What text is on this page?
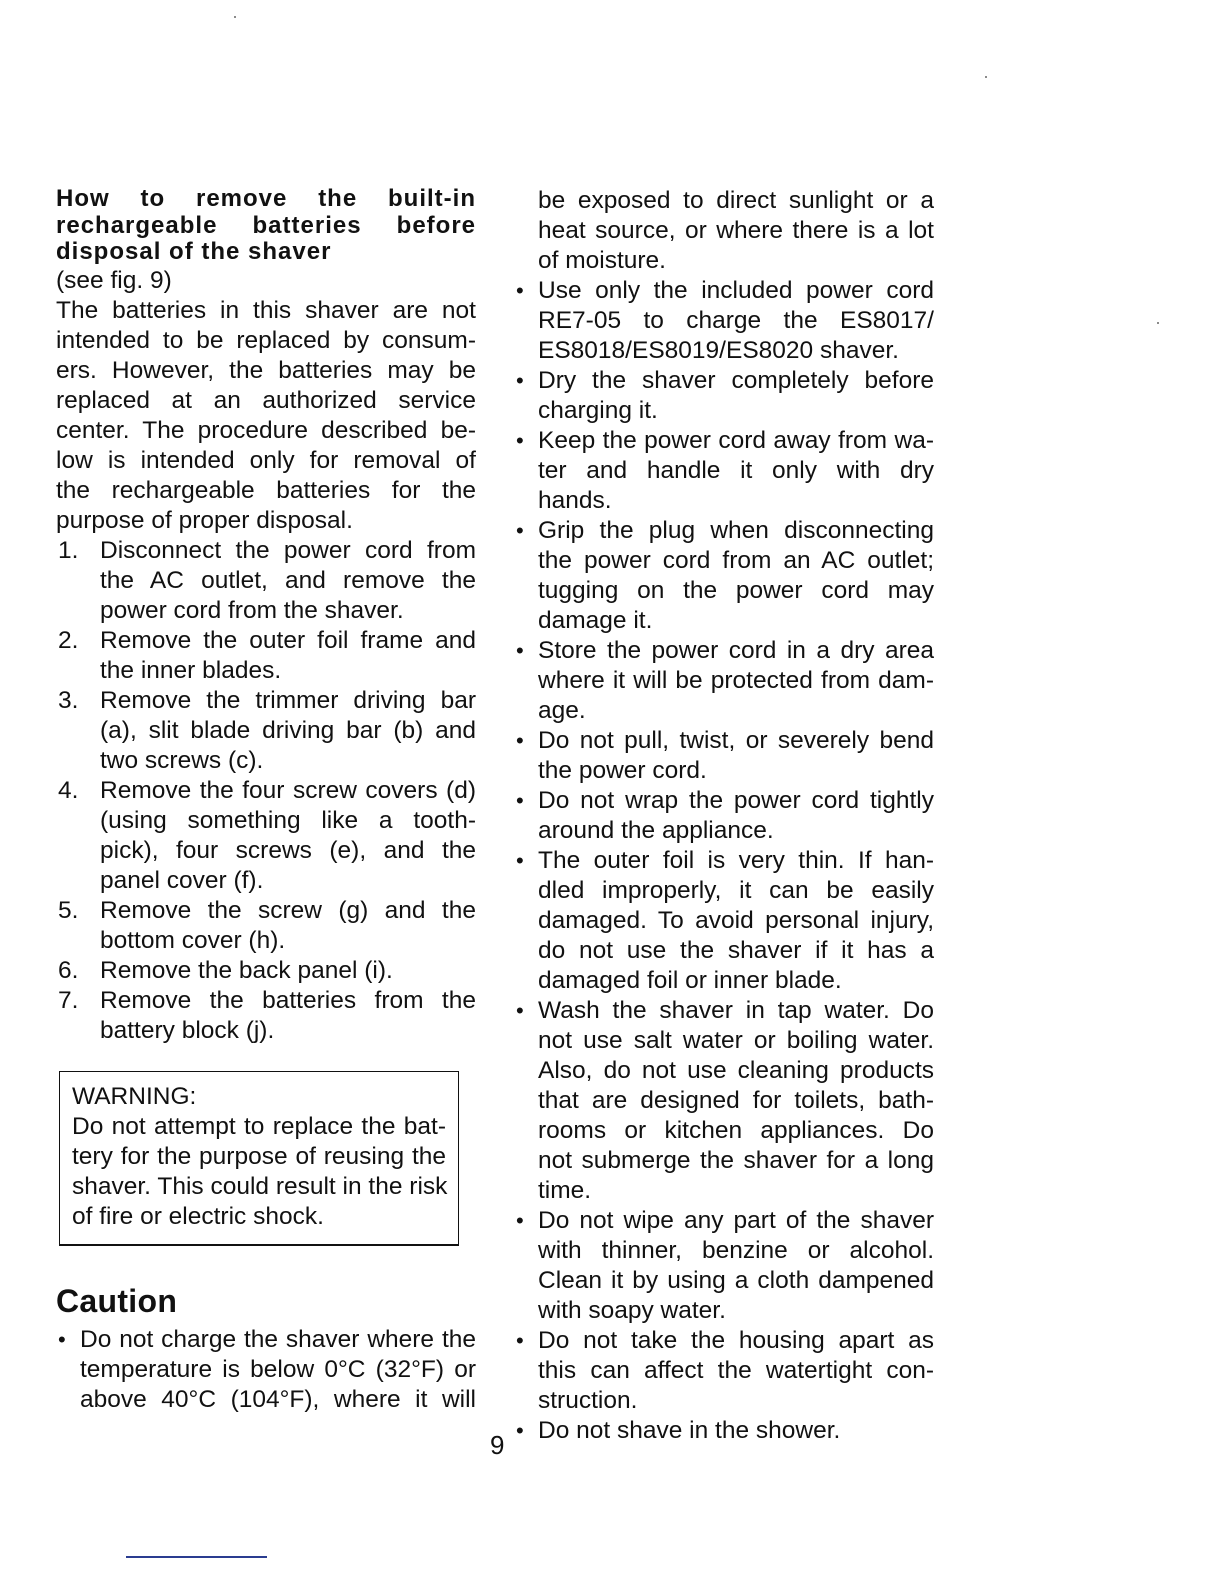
How to remove the built-in
rechargeable batteries before
disposal of the shaver
(see fig. 9)
The batteries in this shaver are not
intended to be replaced by consum-
ers. However, the batteries may be
replaced at an authorized service
center. The procedure described be-
low is intended only for removal of
the rechargeable batteries for the
purpose of proper disposal.
1. Disconnect the power cord from
the AC outlet, and remove the
power cord from the shaver.
2. Remove the outer foil frame and
the inner blades.
3. Remove the trimmer driving bar
(a), slit blade driving bar (b) and
two screws (c).
4. Remove the four screw covers (d)
(using something like a tooth-
pick), four screws (e), and the
panel cover (f).
5. Remove the screw (g) and the
bottom cover (h).
6. Remove the back panel (i).
7. Remove the batteries from the
battery block (j).
WARNING:
Do not attempt to replace the bat-
tery for the purpose of reusing the
shaver. This could result in the risk
of fire or electric shock.
Caution
• Do not charge the shaver where the
temperature is below 0°C (32°F) or
above 40°C (104°F), where it will
be exposed to direct sunlight or a
heat source, or where there is a lot
of moisture.
• Use only the included power cord
RE7-05 to charge the ES8017/
ES8018/ES8019/ES8020 shaver.
• Dry the shaver completely before
charging it.
• Keep the power cord away from wa-
ter and handle it only with dry
hands.
• Grip the plug when disconnecting
the power cord from an AC outlet;
tugging on the power cord may
damage it.
• Store the power cord in a dry area
where it will be protected from dam-
age.
• Do not pull, twist, or severely bend
the power cord.
• Do not wrap the power cord tightly
around the appliance.
• The outer foil is very thin. If han-
dled improperly, it can be easily
damaged. To avoid personal injury,
do not use the shaver if it has a
damaged foil or inner blade.
• Wash the shaver in tap water. Do
not use salt water or boiling water.
Also, do not use cleaning products
that are designed for toilets, bath-
rooms or kitchen appliances. Do
not submerge the shaver for a long
time.
• Do not wipe any part of the shaver
with thinner, benzine or alcohol.
Clean it by using a cloth dampened
with soapy water.
• Do not take the housing apart as
this can affect the watertight con-
struction.
• Do not shave in the shower.
9
